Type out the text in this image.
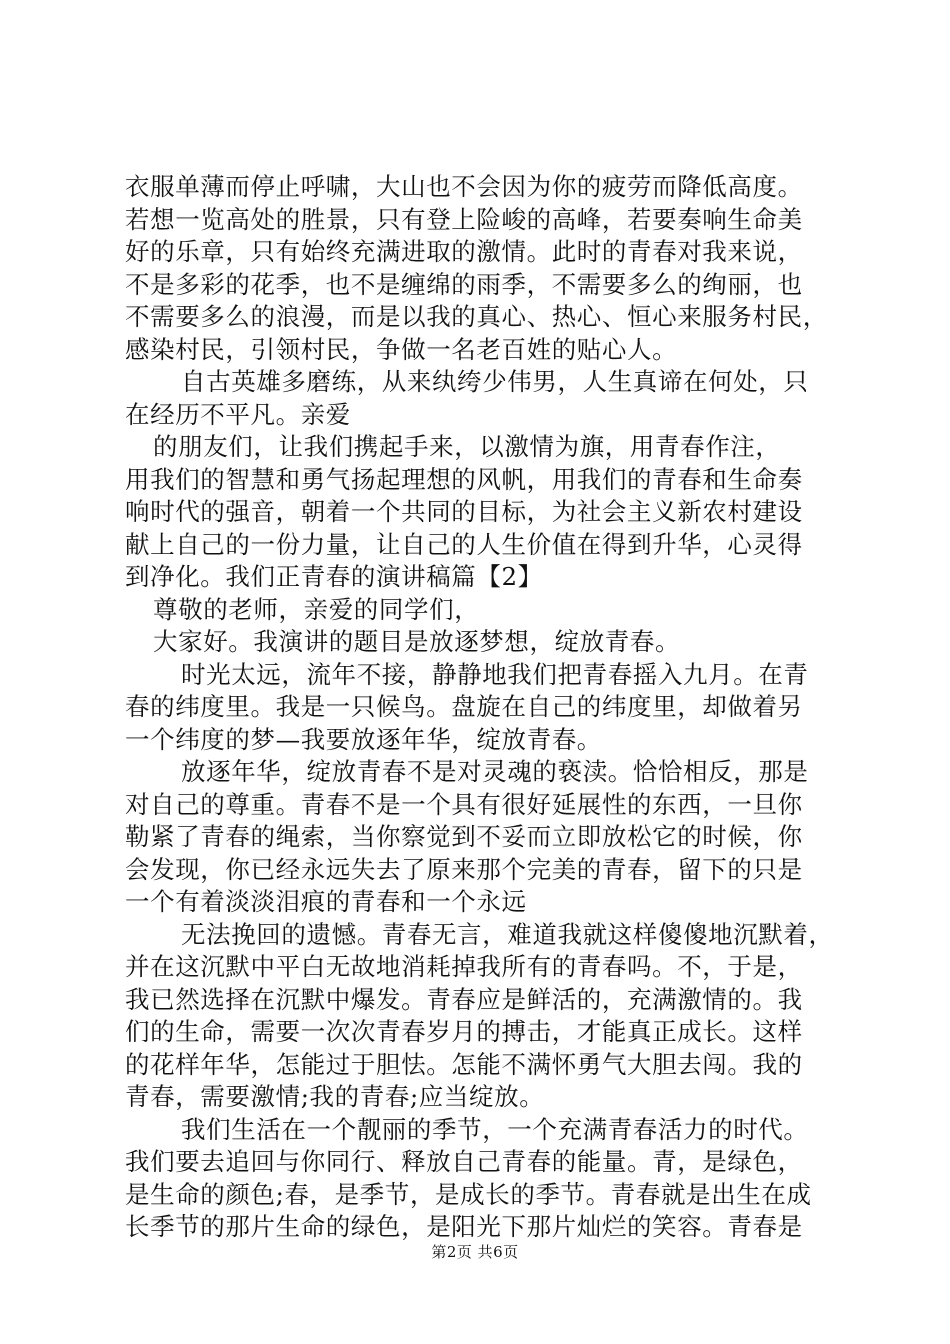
衣服单薄而停止呼啸，大山也不会因为你的疲劳而降低高度。
若想一览高处的胜景，只有登上险峻的高峰，若要奏响生命美
好的乐章，只有始终充满进取的激情。此时的青春对我来说，
不是多彩的花季，也不是缠绵的雨季，不需要多么的绚丽，也
不需要多么的浪漫，而是以我的真心、热心、恒心来服务村民，
感染村民，引领村民，争做一名老百姓的贴心人。
自古英雄多磨练，从来纨绔少伟男，人生真谛在何处，只
在经历不平凡。亲爱
的朋友们，让我们携起手来，以激情为旗，用青春作注，
用我们的智慧和勇气扬起理想的风帆，用我们的青春和生命奏
响时代的强音，朝着一个共同的目标，为社会主义新农村建设
献上自己的一份力量，让自己的人生价值在得到升华，心灵得
到净化。我们正青春的演讲稿篇【2】
尊敬的老师，亲爱的同学们，
大家好。我演讲的题目是放逐梦想，绽放青春。
时光太远，流年不接，静静地我们把青春摇入九月。在青
春的纬度里。我是一只候鸟。盘旋在自己的纬度里，却做着另
一个纬度的梦—我要放逐年华，绽放青春。
放逐年华，绽放青春不是对灵魂的亵渎。恰恰相反，那是
对自己的尊重。青春不是一个具有很好延展性的东西，一旦你
勒紧了青春的绳索，当你察觉到不妥而立即放松它的时候，你
会发现，你已经永远失去了原来那个完美的青春，留下的只是
一个有着淡淡泪痕的青春和一个永远
无法挽回的遗憾。青春无言，难道我就这样傻傻地沉默着，
并在这沉默中平白无故地消耗掉我所有的青春吗。不，于是，
我已然选择在沉默中爆发。青春应是鲜活的，充满激情的。我
们的生命，需要一次次青春岁月的搏击，才能真正成长。这样
的花样年华，怎能过于胆怯。怎能不满怀勇气大胆去闯。我的
青春，需要激情;我的青春;应当绽放。
我们生活在一个靓丽的季节，一个充满青春活力的时代。
我们要去追回与你同行、释放自己青春的能量。青，是绿色，
是生命的颜色;春，是季节，是成长的季节。青春就是出生在成
长季节的那片生命的绿色，是阳光下那片灿烂的笑容。青春是
第2页 共6页
